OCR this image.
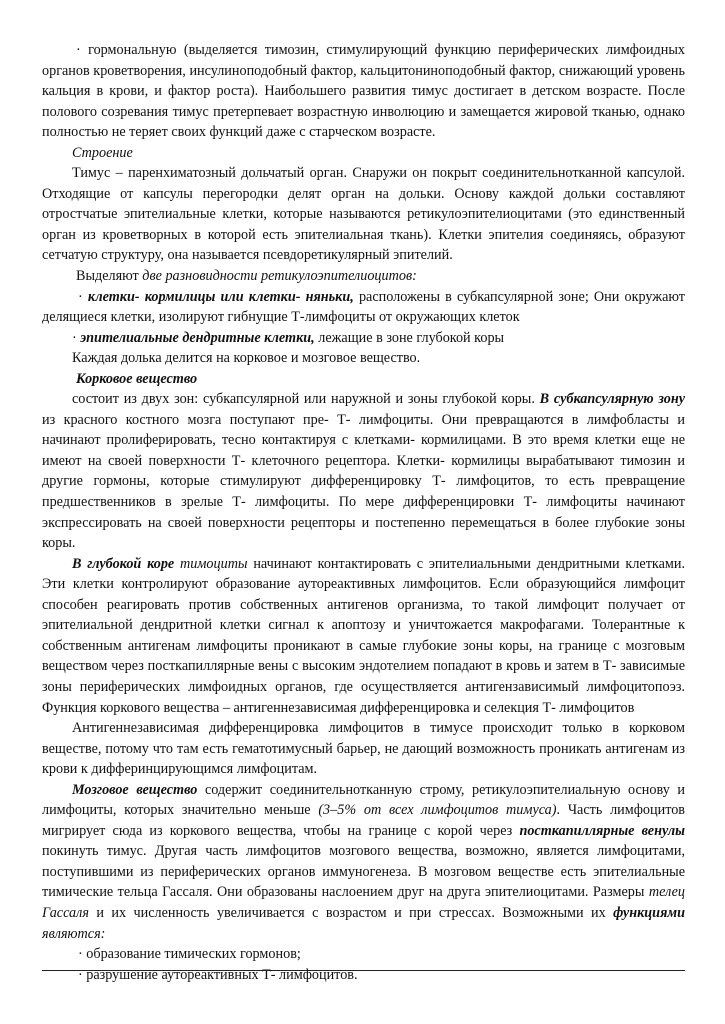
· гормональную (выделяется тимозин, стимулирующий функцию периферических лимфоидных органов кроветворения, инсулиноподобный фактор, кальцитониноподобный фактор, снижающий уровень кальция в крови, и фактор роста). Наибольшего развития тимус достигает в детском возрасте. После полового созревания тимус претерпевает возрастную инволюцию и замещается жировой тканью, однако полностью не теряет своих функций даже с старческом возрасте.

Строение

Тимус – паренхиматозный дольчатый орган. Снаружи он покрыт соединительнотканной капсулой. Отходящие от капсулы перегородки делят орган на дольки. Основу каждой дольки составляют отростчатые эпителиальные клетки, которые называются ретикулоэпителиоцитами (это единственный орган из кроветворных в которой есть эпителиальная ткань). Клетки эпителия соединяясь, образуют сетчатую структуру, она называется псевдоретикулярный эпителий.

Выделяют две разновидности ретикулоэпителиоцитов:

· клетки- кормилицы или клетки- няньки, расположены в субкапсулярной зоне; Они окружают делящиеся клетки, изолируют гибнущие Т-лимфоциты от окружающих клеток

· эпителиальные дендритные клетки, лежащие в зоне глубокой коры

Каждая долька делится на корковое и мозговое вещество.

Корковое вещество

состоит из двух зон: субкапсулярной или наружной и зоны глубокой коры. В субкапсулярную зону из красного костного мозга поступают пре- Т- лимфоциты. Они превращаются в лимфобласты и начинают пролиферировать, тесно контактируя с клетками- кормилицами. В это время клетки еще не имеют на своей поверхности Т- клеточного рецептора. Клетки- кормилицы вырабатывают тимозин и другие гормоны, которые стимулируют дифференцировку Т- лимфоцитов, то есть превращение предшественников в зрелые Т- лимфоциты. По мере дифференцировки Т- лимфоциты начинают экспрессировать на своей поверхности рецепторы и постепенно перемещаться в более глубокие зоны коры.

В глубокой коре тимоциты начинают контактировать с эпителиальными дендритными клетками. Эти клетки контролируют образование аутореактивных лимфоцитов. Если образующийся лимфоцит способен реагировать против собственных антигенов организма, то такой лимфоцит получает от эпителиальной дендритной клетки сигнал к апоптозу и уничтожается макрофагами. Толерантные к собственным антигенам лимфоциты проникают в самые глубокие зоны коры, на границе с мозговым веществом через посткапиллярные вены с высоким эндотелием попадают в кровь и затем в Т- зависимые зоны периферических лимфоидных органов, где осуществляется антигензависимый лимфоцитопоэз. Функция коркового вещества – антигеннезависимая дифференцировка и селекция Т- лимфоцитов

Антигеннезависимая дифференцировка лимфоцитов в тимусе происходит только в корковом веществе, потому что там есть гематотимусный барьер, не дающий возможность проникать антигенам из крови к дифферинцирующимся лимфоцитам.

Мозговое вещество содержит соединительнотканную строму, ретикулоэпителиальную основу и лимфоциты, которых значительно меньше (3–5% от всех лимфоцитов тимуса). Часть лимфоцитов мигрирует сюда из коркового вещества, чтобы на границе с корой через посткапиллярные венулы покинуть тимус. Другая часть лимфоцитов мозгового вещества, возможно, является лимфоцитами, поступившими из периферических органов иммуногенеза. В мозговом веществе есть эпителиальные тимические тельца Гассаля. Они образованы наслоением друг на друга эпителиоцитами. Размеры телец Гассаля и их численность увеличивается с возрастом и при стрессах. Возможными их функциями являются:

· образование тимических гормонов;

· разрушение аутореактивных Т- лимфоцитов.
